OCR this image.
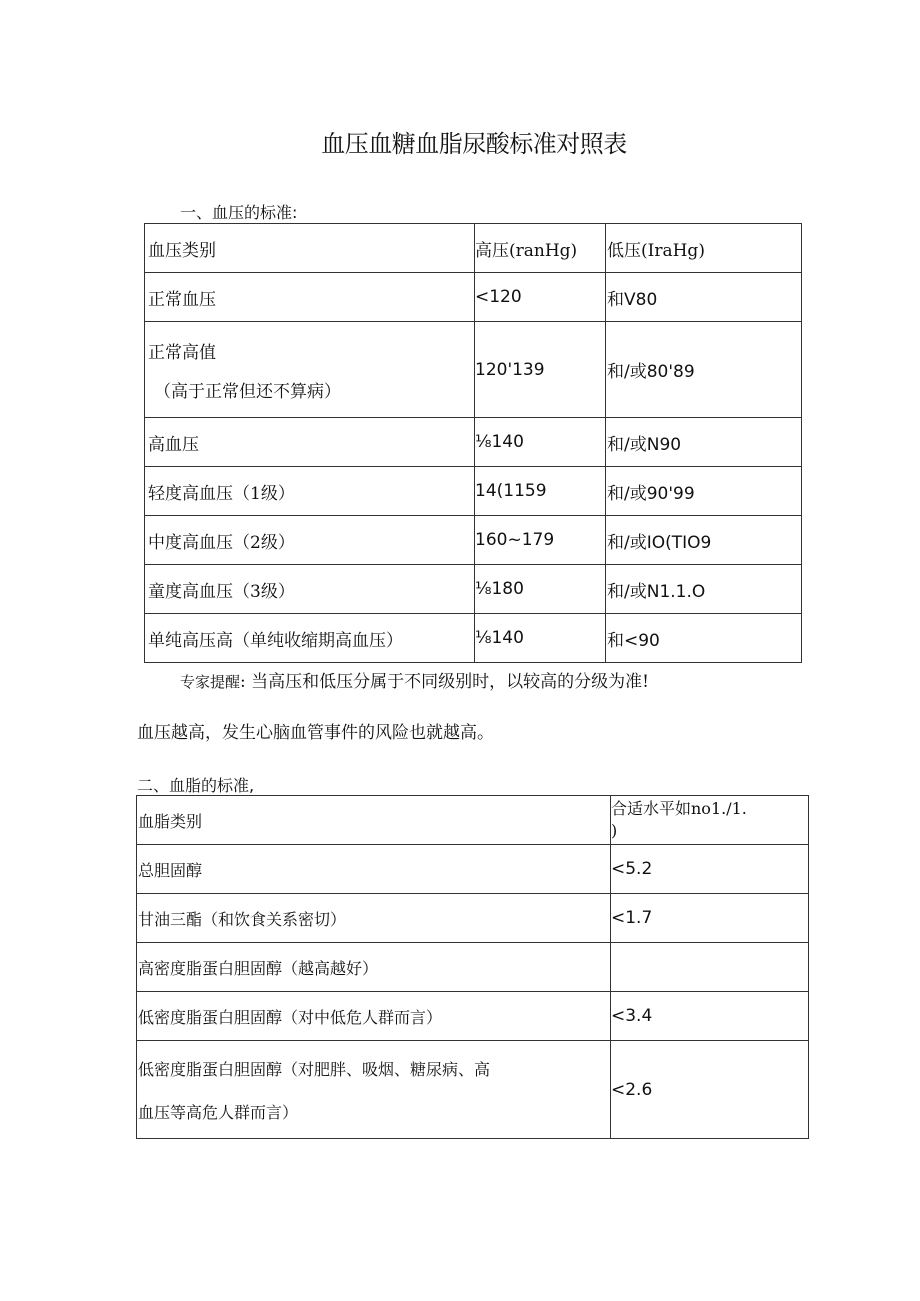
血压血糖血脂尿酸标准对照表
一、血压的标准:
血压类别	高压(ranHg)	低压(IraHg)
正常血压	<120	和V80

正常高值
（高于正常但还不算病）	120'139	和/或80'89
高血压	⅛140	和/或N90
轻度高血压（1级）	14(1159	和/或90'99
中度高血压（2级）	160~179	和/或IO(TIO9
童度高血压（3级）	⅛180	和/或N1.1.O
单纯高压高（单纯收缩期高血压）	⅛140	和<90
专家提醒: 当高压和低压分属于不同级别时，以较高的分级为准!
血压越高，发生心脑血管事件的风险也就越高。
二、血脂的标准,
血脂类别	合适水平如no1./1.
)

总胆固醇	<5.2
甘油三酯（和饮食关系密切）	<1.7
高密度脂蛋白胆固醇（越高越好）	
低密度脂蛋白胆固醇（对中低危人群而言）	<3.4

低密度脂蛋白胆固醇（对肥胖、吸烟、糖尿病、高
血压等高危人群而言）	<2.6
